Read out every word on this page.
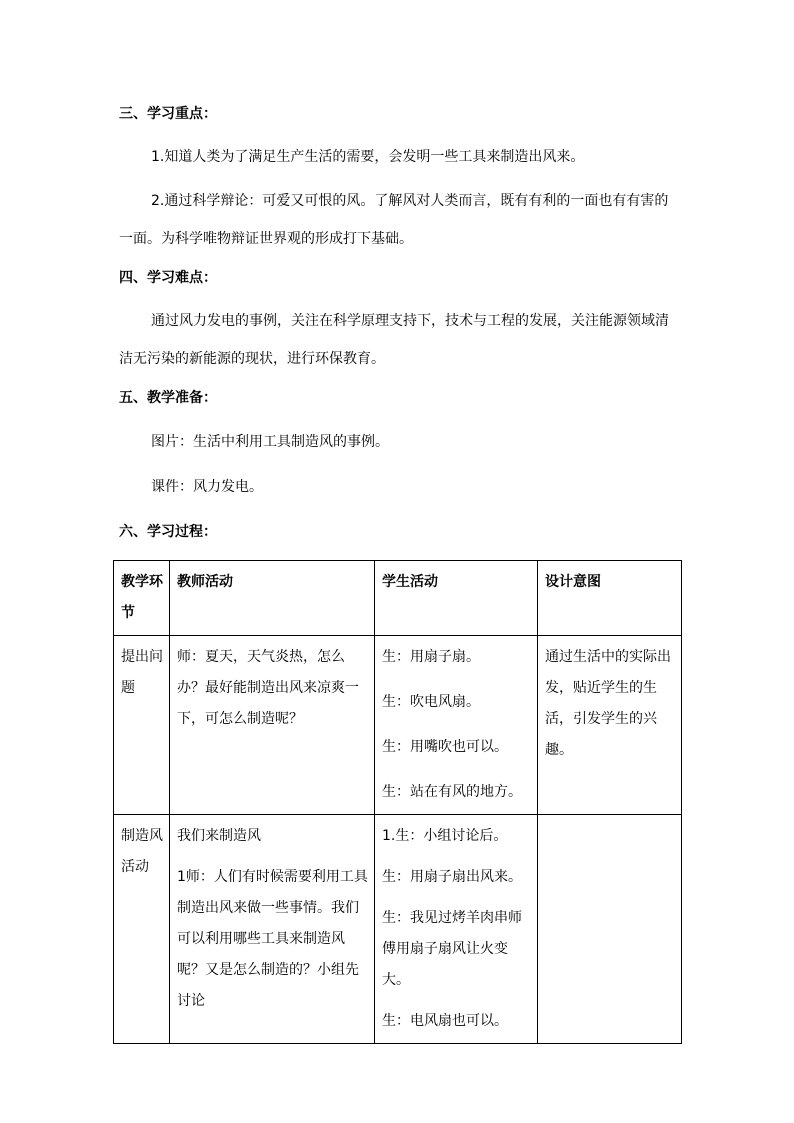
三、学习重点：
1.知道人类为了满足生产生活的需要，会发明一些工具来制造出风来。
2.通过科学辩论：可爱又可恨的风。了解风对人类而言，既有有利的一面也有有害的一面。为科学唯物辩证世界观的形成打下基础。
四、学习难点：
通过风力发电的事例，关注在科学原理支持下，技术与工程的发展，关注能源领域清洁无污染的新能源的现状，进行环保教育。
五、教学准备：
图片：生活中利用工具制造风的事例。
课件：风力发电。
六、学习过程：
教学环节	教师活动	学生活动	设计意图
提出问题	师：夏天，天气炎热，怎么办？最好能制造出风来凉爽一下，可怎么制造呢？	生：用扇子扇。
生：吹电风扇。
生：用嘴吹也可以。
生：站在有风的地方。	通过生活中的实际出发，贴近学生的生活，引发学生的兴趣。
制造风活动	我们来制造风
1师：人们有时候需要利用工具制造出风来做一些事情。我们可以利用哪些工具来制造风呢？又是怎么制造的？小组先讨论	1.生：小组讨论后。
生：用扇子扇出风来。
生：我见过烤羊肉串师傅用扇子扇风让火变大。
生：电风扇也可以。	
